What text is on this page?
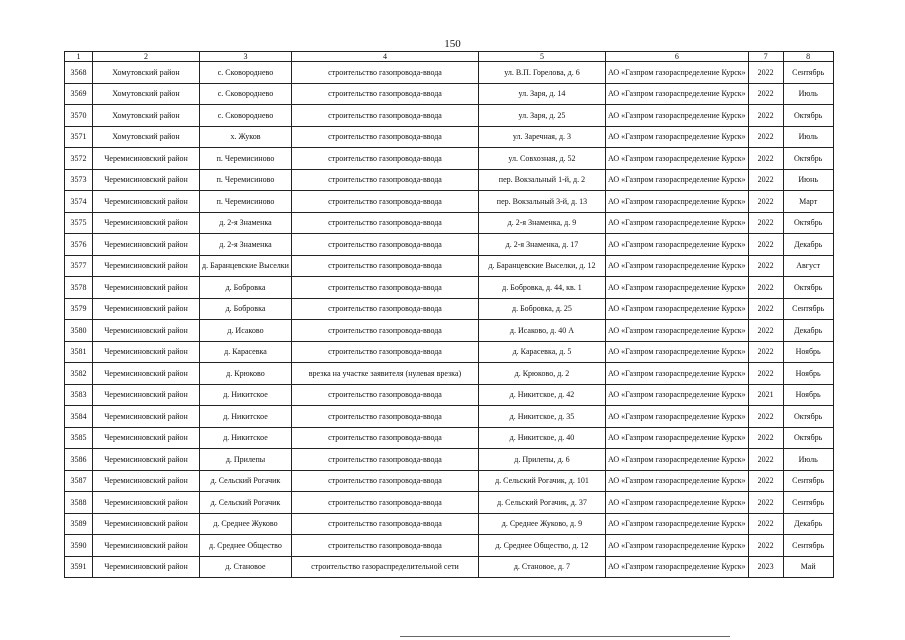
150
1	2	3	4	5	6	7	8
3568	Хомутовский район	с. Сковороднево	строительство газопровода-ввода	ул. В.П. Горелова, д. 6	АО «Газпром газораспределение Курск»	2022	Сентябрь
3569	Хомутовский район	с. Сковороднево	строительство газопровода-ввода	ул. Заря, д. 14	АО «Газпром газораспределение Курск»	2022	Июль
3570	Хомутовский район	с. Сковороднево	строительство газопровода-ввода	ул. Заря, д. 25	АО «Газпром газораспределение Курск»	2022	Октябрь
3571	Хомутовский район	х. Жуков	строительство газопровода-ввода	ул. Заречная, д. 3	АО «Газпром газораспределение Курск»	2022	Июль
3572	Черемисиновский район	п. Черемисиново	строительство газопровода-ввода	ул. Совхозная, д. 52	АО «Газпром газораспределение Курск»	2022	Октябрь
3573	Черемисиновский район	п. Черемисиново	строительство газопровода-ввода	пер. Вокзальный 1-й, д. 2	АО «Газпром газораспределение Курск»	2022	Июнь
3574	Черемисиновский район	п. Черемисиново	строительство газопровода-ввода	пер. Вокзальный 3-й, д. 13	АО «Газпром газораспределение Курск»	2022	Март
3575	Черемисиновский район	д. 2-я Знаменка	строительство газопровода-ввода	д. 2-я Знаменка, д. 9	АО «Газпром газораспределение Курск»	2022	Октябрь
3576	Черемисиновский район	д. 2-я Знаменка	строительство газопровода-ввода	д. 2-я Знаменка, д. 17	АО «Газпром газораспределение Курск»	2022	Декабрь
3577	Черемисиновский район	д. Баранцевские Выселки	строительство газопровода-ввода	д. Баранцевские Выселки, д. 12	АО «Газпром газораспределение Курск»	2022	Август
3578	Черемисиновский район	д. Бобровка	строительство газопровода-ввода	д. Бобровка, д. 44, кв. 1	АО «Газпром газораспределение Курск»	2022	Октябрь
3579	Черемисиновский район	д. Бобровка	строительство газопровода-ввода	д. Бобровка, д. 25	АО «Газпром газораспределение Курск»	2022	Сентябрь
3580	Черемисиновский район	д. Исаково	строительство газопровода-ввода	д. Исаково, д. 40 А	АО «Газпром газораспределение Курск»	2022	Декабрь
3581	Черемисиновский район	д. Карасевка	строительство газопровода-ввода	д. Карасевка, д. 5	АО «Газпром газораспределение Курск»	2022	Ноябрь
3582	Черемисиновский район	д. Крюково	врезка на участке заявителя (нулевая врезка)	д. Крюково, д. 2	АО «Газпром газораспределение Курск»	2022	Ноябрь
3583	Черемисиновский район	д. Никитское	строительство газопровода-ввода	д. Никитское, д. 42	АО «Газпром газораспределение Курск»	2021	Ноябрь
3584	Черемисиновский район	д. Никитское	строительство газопровода-ввода	д. Никитское, д. 35	АО «Газпром газораспределение Курск»	2022	Октябрь
3585	Черемисиновский район	д. Никитское	строительство газопровода-ввода	д. Никитское, д. 40	АО «Газпром газораспределение Курск»	2022	Октябрь
3586	Черемисиновский район	д. Прилепы	строительство газопровода-ввода	д. Прилепы, д. 6	АО «Газпром газораспределение Курск»	2022	Июль
3587	Черемисиновский район	д. Сельский Рогачик	строительство газопровода-ввода	д. Сельский Рогачик, д. 101	АО «Газпром газораспределение Курск»	2022	Сентябрь
3588	Черемисиновский район	д. Сельский Рогачик	строительство газопровода-ввода	д. Сельский Рогачик, д. 37	АО «Газпром газораспределение Курск»	2022	Сентябрь
3589	Черемисиновский район	д. Среднее Жуково	строительство газопровода-ввода	д. Среднее Жуково, д. 9	АО «Газпром газораспределение Курск»	2022	Декабрь
3590	Черемисиновский район	д. Среднее Общество	строительство газопровода-ввода	д. Среднее Общество, д. 12	АО «Газпром газораспределение Курск»	2022	Сентябрь
3591	Черемисиновский район	д. Становое	строительство газораспределительной сети	д. Становое, д. 7	АО «Газпром газораспределение Курск»	2023	Май
